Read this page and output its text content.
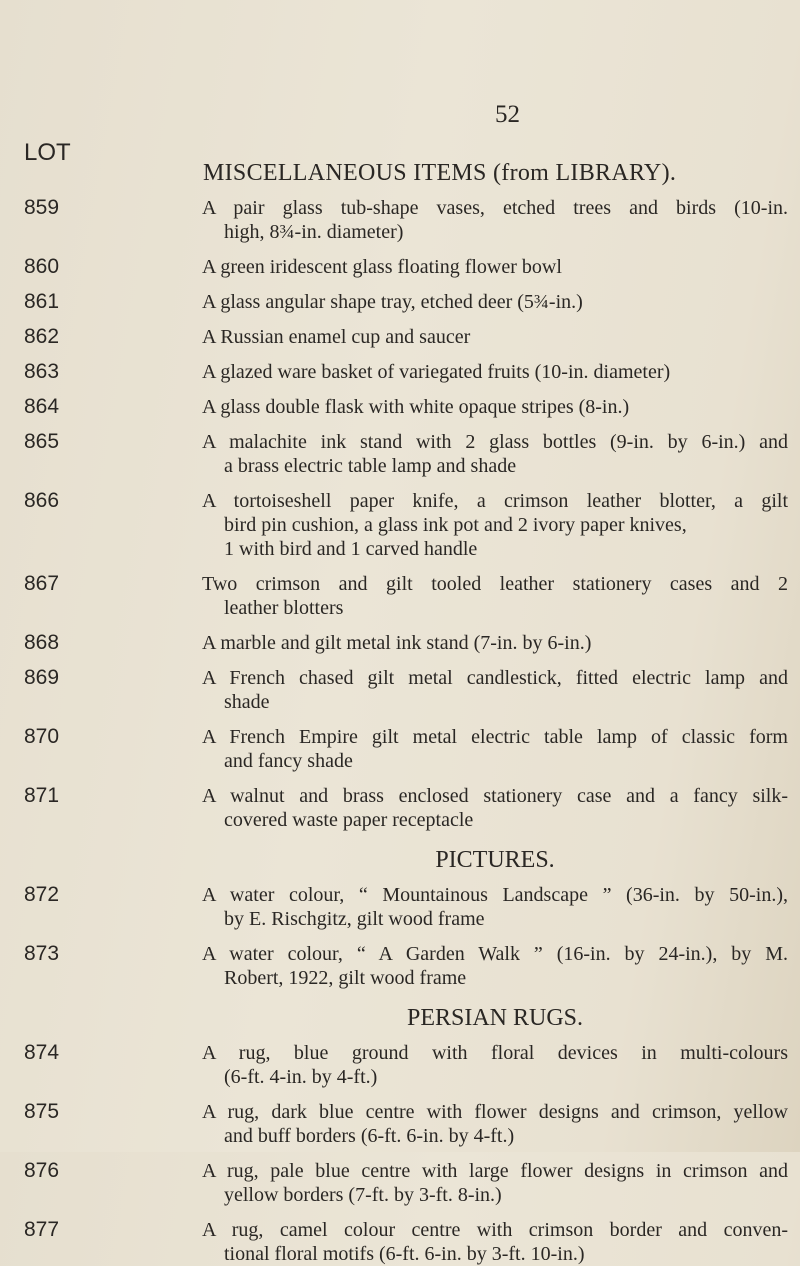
52
LOT
MISCELLANEOUS ITEMS (from LIBRARY).
859	A pair glass tub-shape vases, etched trees and birds (10-in.
high, 8¾-in. diameter)
860	A green iridescent glass floating flower bowl
861	A glass angular shape tray, etched deer (5¾-in.)
862	A Russian enamel cup and saucer
863	A glazed ware basket of variegated fruits (10-in. diameter)
864	A glass double flask with white opaque stripes (8-in.)
865	A malachite ink stand with 2 glass bottles (9-in. by 6-in.) and
a brass electric table lamp and shade
866	A tortoiseshell paper knife, a crimson leather blotter, a gilt
bird pin cushion, a glass ink pot and 2 ivory paper knives,
1 with bird and 1 carved handle
867	Two crimson and gilt tooled leather stationery cases and 2
leather blotters
868	A marble and gilt metal ink stand (7-in. by 6-in.)
869	A French chased gilt metal candlestick, fitted electric lamp and
shade
870	A French Empire gilt metal electric table lamp of classic form
and fancy shade
871	A walnut and brass enclosed stationery case and a fancy silk-
covered waste paper receptacle
PICTURES.
872	A water colour, “ Mountainous Landscape ” (36-in. by 50-in.),
by E. Rischgitz, gilt wood frame
873	A water colour, “ A Garden Walk ” (16-in. by 24-in.), by M.
Robert, 1922, gilt wood frame
PERSIAN RUGS.
874	A rug, blue ground with floral devices in multi-colours
(6-ft. 4-in. by 4-ft.)
875	A rug, dark blue centre with flower designs and crimson, yellow
and buff borders (6-ft. 6-in. by 4-ft.)
876	A rug, pale blue centre with large flower designs in crimson and
yellow borders (7-ft. by 3-ft. 8-in.)
877	A rug, camel colour centre with crimson border and conven-
tional floral motifs (6-ft. 6-in. by 3-ft. 10-in.)
